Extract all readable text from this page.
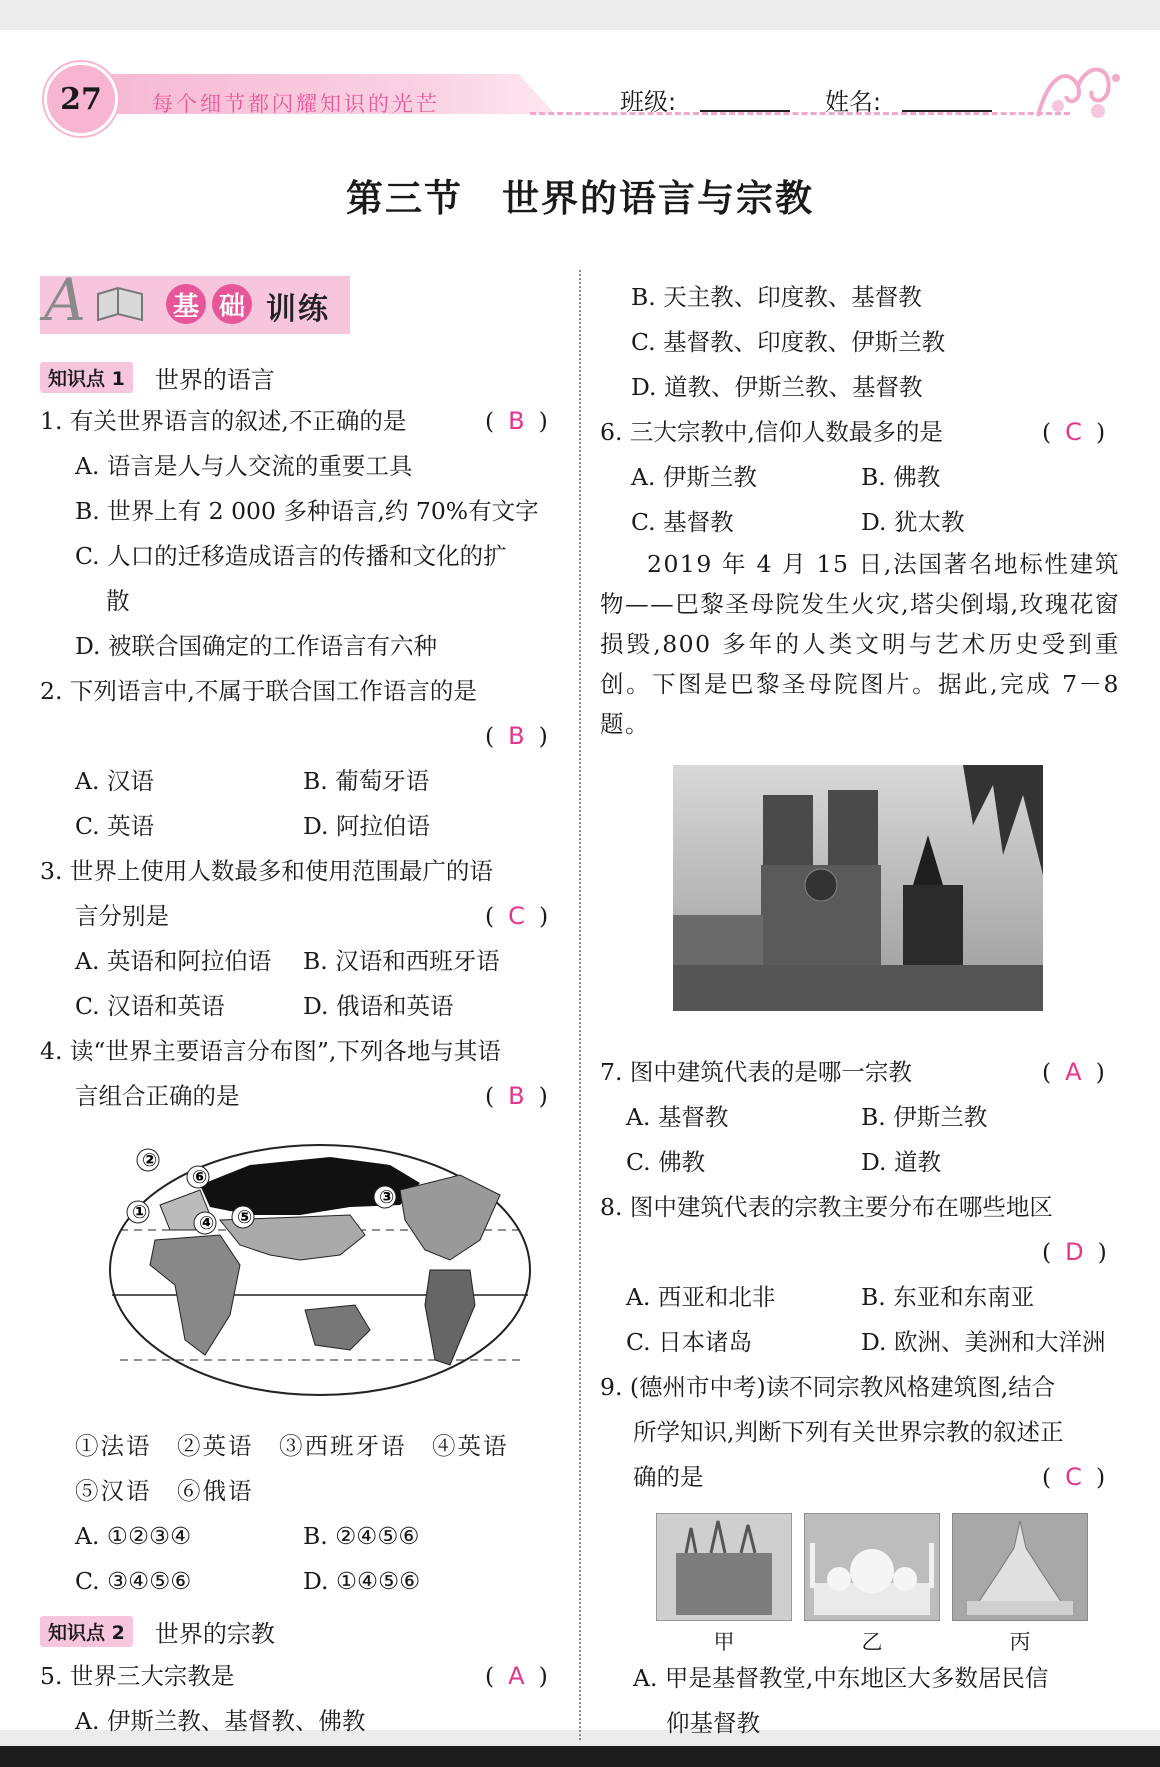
27	每个细节都闪耀知识的光芒	班级:	姓名:
第三节　世界的语言与宗教
A	基 础 训练
知识点 1	世界的语言
1. 有关世界语言的叙述,不正确的是	( B )
A. 语言是人与人交流的重要工具
B. 世界上有 2 000 多种语言,约 70%有文字
C. 人口的迁移造成语言的传播和文化的扩
散
D. 被联合国确定的工作语言有六种
2. 下列语言中,不属于联合国工作语言的是
( B )
A. 汉语	B. 葡萄牙语
C. 英语	D. 阿拉伯语
3. 世界上使用人数最多和使用范围最广的语
言分别是	( C )
A. 英语和阿拉伯语 B. 汉语和西班牙语
C. 汉语和英语	D. 俄语和英语
4. 读“世界主要语言分布图”,下列各地与其语
言组合正确的是	( B )
②
⑥
①
③
④ ⑤
①法语　②英语　③西班牙语　④英语
⑤汉语　⑥俄语
A. ①②③④	B. ②④⑤⑥
C. ③④⑤⑥	D. ①④⑤⑥
知识点 2	世界的宗教
5. 世界三大宗教是	( A )
A. 伊斯兰教、基督教、佛教
B. 天主教、印度教、基督教
C. 基督教、印度教、伊斯兰教
D. 道教、伊斯兰教、基督教
6. 三大宗教中,信仰人数最多的是	( C )
A. 伊斯兰教	B. 佛教
C. 基督教	D. 犹太教
2019 年 4 月 15 日,法国著名地标性建筑物——巴黎圣母院发生火灾,塔尖倒塌,玫瑰花窗损毁,800 多年的人类文明与艺术历史受到重创。下图是巴黎圣母院图片。据此,完成 7－8 题。
7. 图中建筑代表的是哪一宗教	( A )
A. 基督教	B. 伊斯兰教
C. 佛教	D. 道教
8. 图中建筑代表的宗教主要分布在哪些地区
( D )
A. 西亚和北非	B. 东亚和东南亚
C. 日本诸岛	D. 欧洲、美洲和大洋洲
9. (德州市中考)读不同宗教风格建筑图,结合
所学知识,判断下列有关世界宗教的叙述正
确的是	( C )
甲	乙	丙
A. 甲是基督教堂,中东地区大多数居民信
仰基督教
